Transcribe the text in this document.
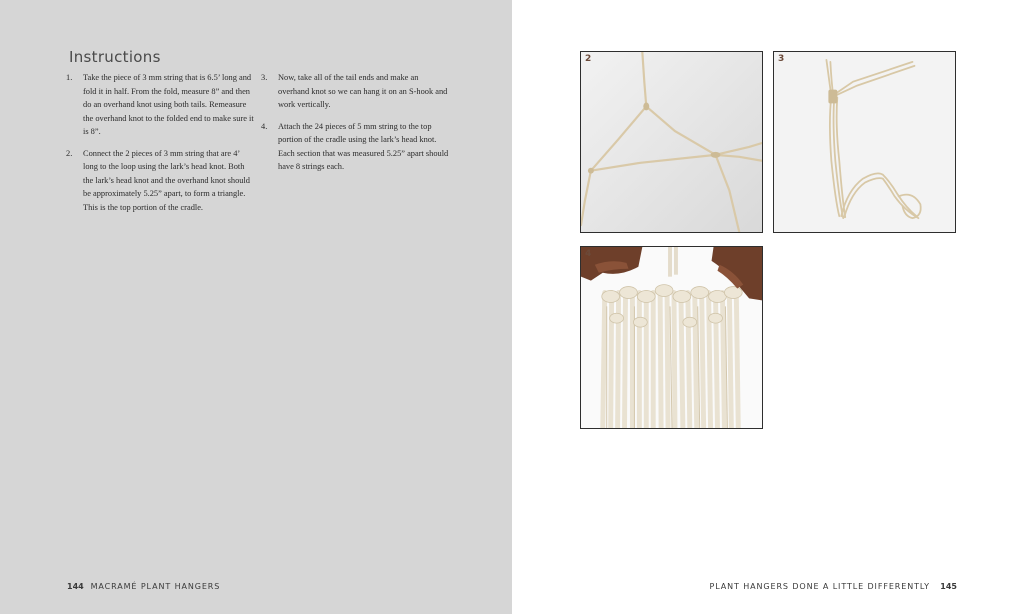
Instructions
1. Take the piece of 3 mm string that is 6.5’ long and fold it in half. From the fold, measure 8” and then do an overhand knot using both tails. Remeasure the overhand knot to the folded end to make sure it is 8”.
2. Connect the 2 pieces of 3 mm string that are 4’ long to the loop using the lark’s head knot. Both the lark’s head knot and the overhand knot should be approximately 5.25” apart, to form a triangle. This is the top portion of the cradle.
3. Now, take all of the tail ends and make an overhand knot so we can hang it on an S-hook and work vertically.
4. Attach the 24 pieces of 5 mm string to the top portion of the cradle using the lark’s head knot. Each section that was measured 5.25” apart should have 8 strings each.
144 MACRAMÉ PLANT HANGERS
2	3
4
PLANT HANGERS DONE A LITTLE DIFFERENTLY 145
